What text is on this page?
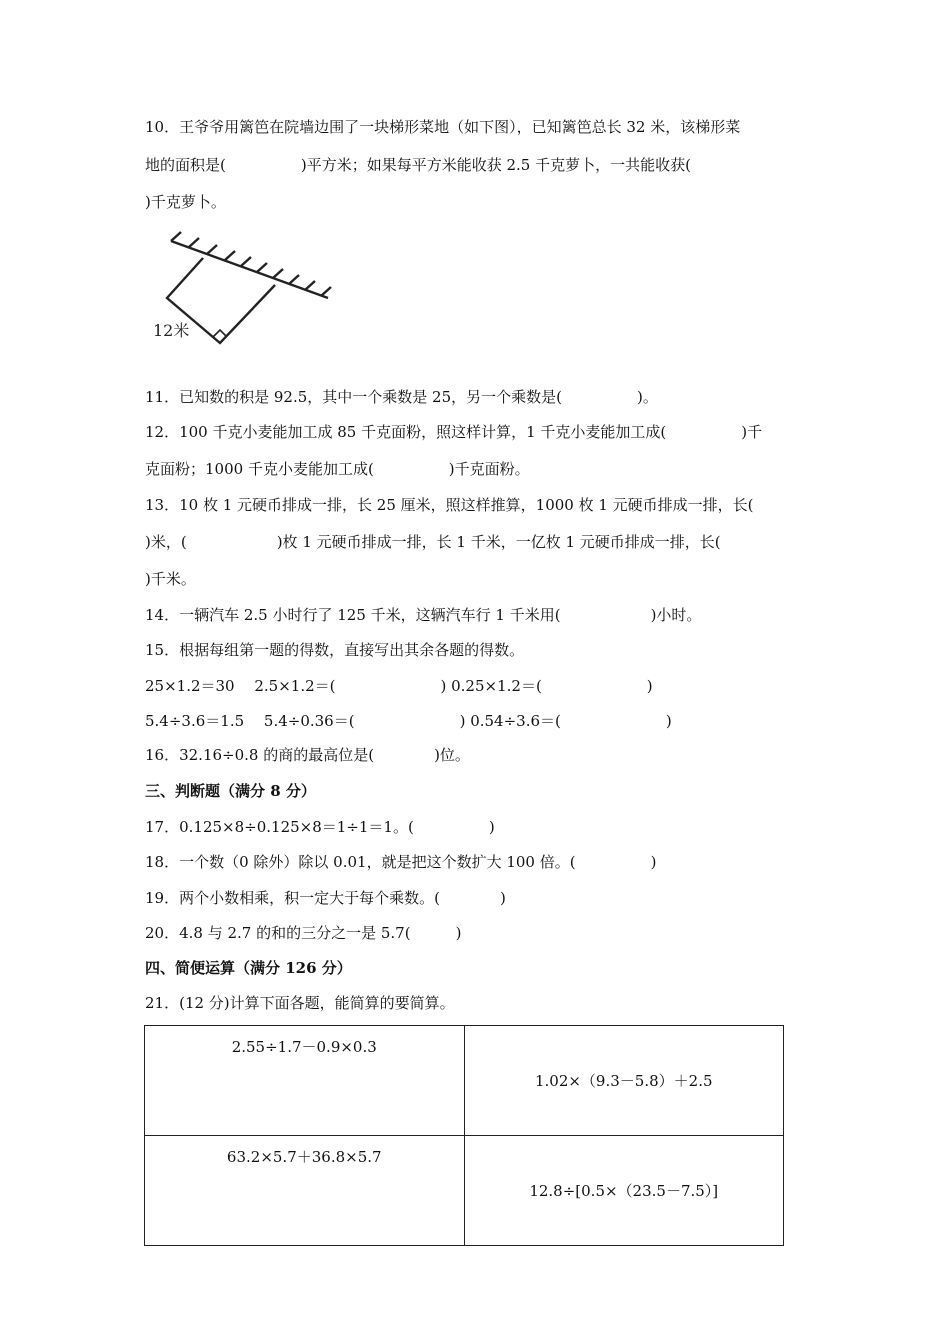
10．王爷爷用篱笆在院墙边围了一块梯形菜地（如下图），已知篱笆总长 32 米，该梯形菜
地的面积是(　　　　　)平方米；如果每平方米能收获 2.5 千克萝卜，一共能收获(
)千克萝卜。
12米
11．已知数的积是 92.5，其中一个乘数是 25，另一个乘数是(　　　　　)。
12．100 千克小麦能加工成 85 千克面粉，照这样计算，1 千克小麦能加工成(　　　　　)千
克面粉；1000 千克小麦能加工成(　　　　　)千克面粉。
13．10 枚 1 元硬币排成一排，长 25 厘米，照这样推算，1000 枚 1 元硬币排成一排，长(
)米，(　　　　　　)枚 1 元硬币排成一排，长 1 千米，一亿枚 1 元硬币排成一排，长(
)千米。
14．一辆汽车 2.5 小时行了 125 千米，这辆汽车行 1 千米用(　　　　　　)小时。
15．根据每组第一题的得数，直接写出其余各题的得数。
25×1.2＝30　 2.5×1.2＝(　　　　　　　) 0.25×1.2＝(　　　　　　　)
5.4÷3.6＝1.5　 5.4÷0.36＝(　　　　　　　) 0.54÷3.6＝(　　　　　　　)
16．32.16÷0.8 的商的最高位是(　　　　)位。
三、判断题（满分 8 分）
17．0.125×8÷0.125×8＝1÷1＝1。(　　　　　)
18．一个数（0 除外）除以 0.01，就是把这个数扩大 100 倍。(　　　　　)
19．两个小数相乘，积一定大于每个乘数。(　　　　)
20．4.8 与 2.7 的和的三分之一是 5.7(　　　)
四、简便运算（满分 126 分）
21．(12 分)计算下面各题，能简算的要简算。
2.55÷1.7－0.9×0.3	1.02×（9.3－5.8）＋2.5
63.2×5.7＋36.8×5.7	12.8÷[0.5×（23.5－7.5）]
